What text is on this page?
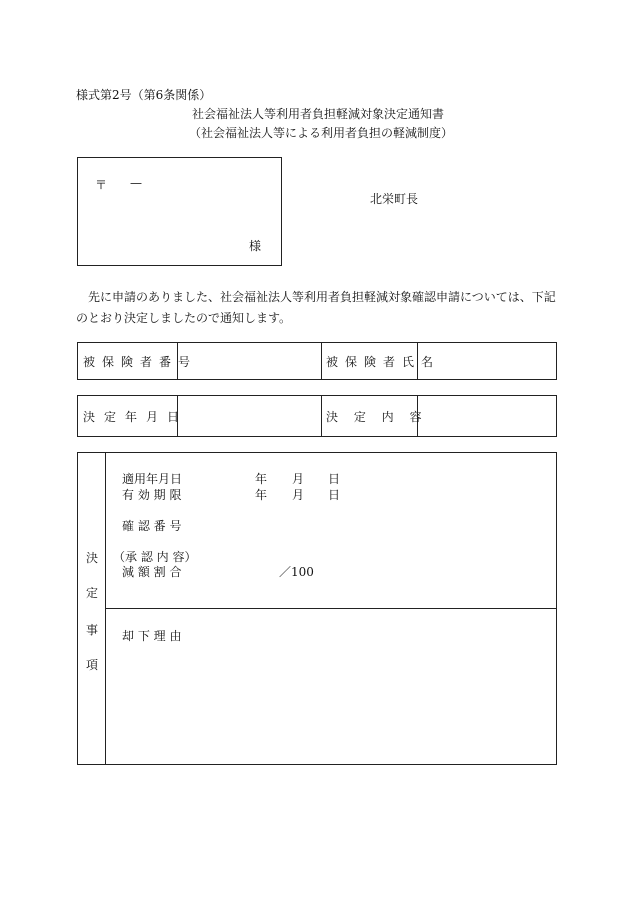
様式第2号（第6条関係）
社会福祉法人等利用者負担軽減対象決定通知書
（社会福祉法人等による利用者負担の軽減制度）
〒 —
様
北栄町長
先に申請のありました、社会福祉法人等利用者負担軽減対象確認申請については、下記のとおり決定しましたので通知します。
被保険者番号	被保険者氏名
決定年月日	決 定 内 容
決
定
事
項
適用年月日	年 月 日
有 効 期 限	年 月 日
確 認 番 号
（承 認 内 容）
減 額 割 合	／100
却 下 理 由
